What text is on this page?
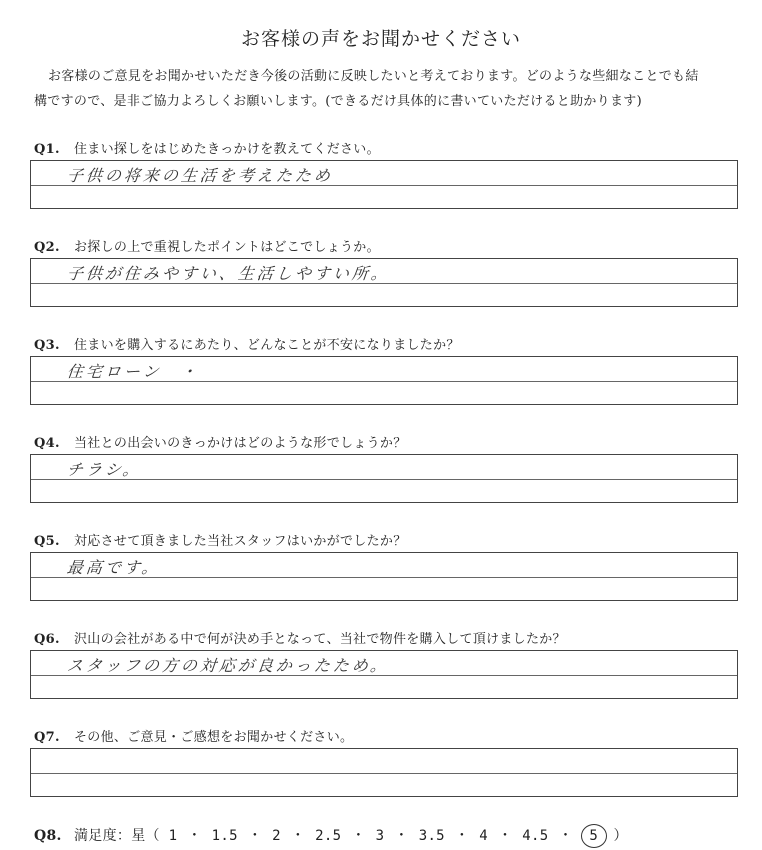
お客様の声をお聞かせください
お客様のご意見をお聞かせいただき今後の活動に反映したいと考えております。どのような些細なことでも結
構ですので、是非ご協力よろしくお願いします。(できるだけ具体的に書いていただけると助かります)
Q1. 住まい探しをはじめたきっかけを教えてください。
子供の将来の生活を考えたため
Q2. お探しの上で重視したポイントはどこでしょうか。
子供が住みやすい、生活しやすい所。
Q3. 住まいを購入するにあたり、どんなことが不安になりましたか？
住宅ローン　・
Q4. 当社との出会いのきっかけはどのような形でしょうか？
チラシ。
Q5. 対応させて頂きました当社スタッフはいかがでしたか？
最高です。
Q6. 沢山の会社がある中で何が決め手となって、当社で物件を購入して頂けましたか？
スタッフの方の対応が良かったため。
Q7. その他、ご意見・ご感想をお聞かせください。
Q8. 満足度：星（ 1 ・ 1.5 ・ 2 ・ 2.5 ・ 3 ・ 3.5 ・ 4 ・ 4.5 ・ 5 ）
